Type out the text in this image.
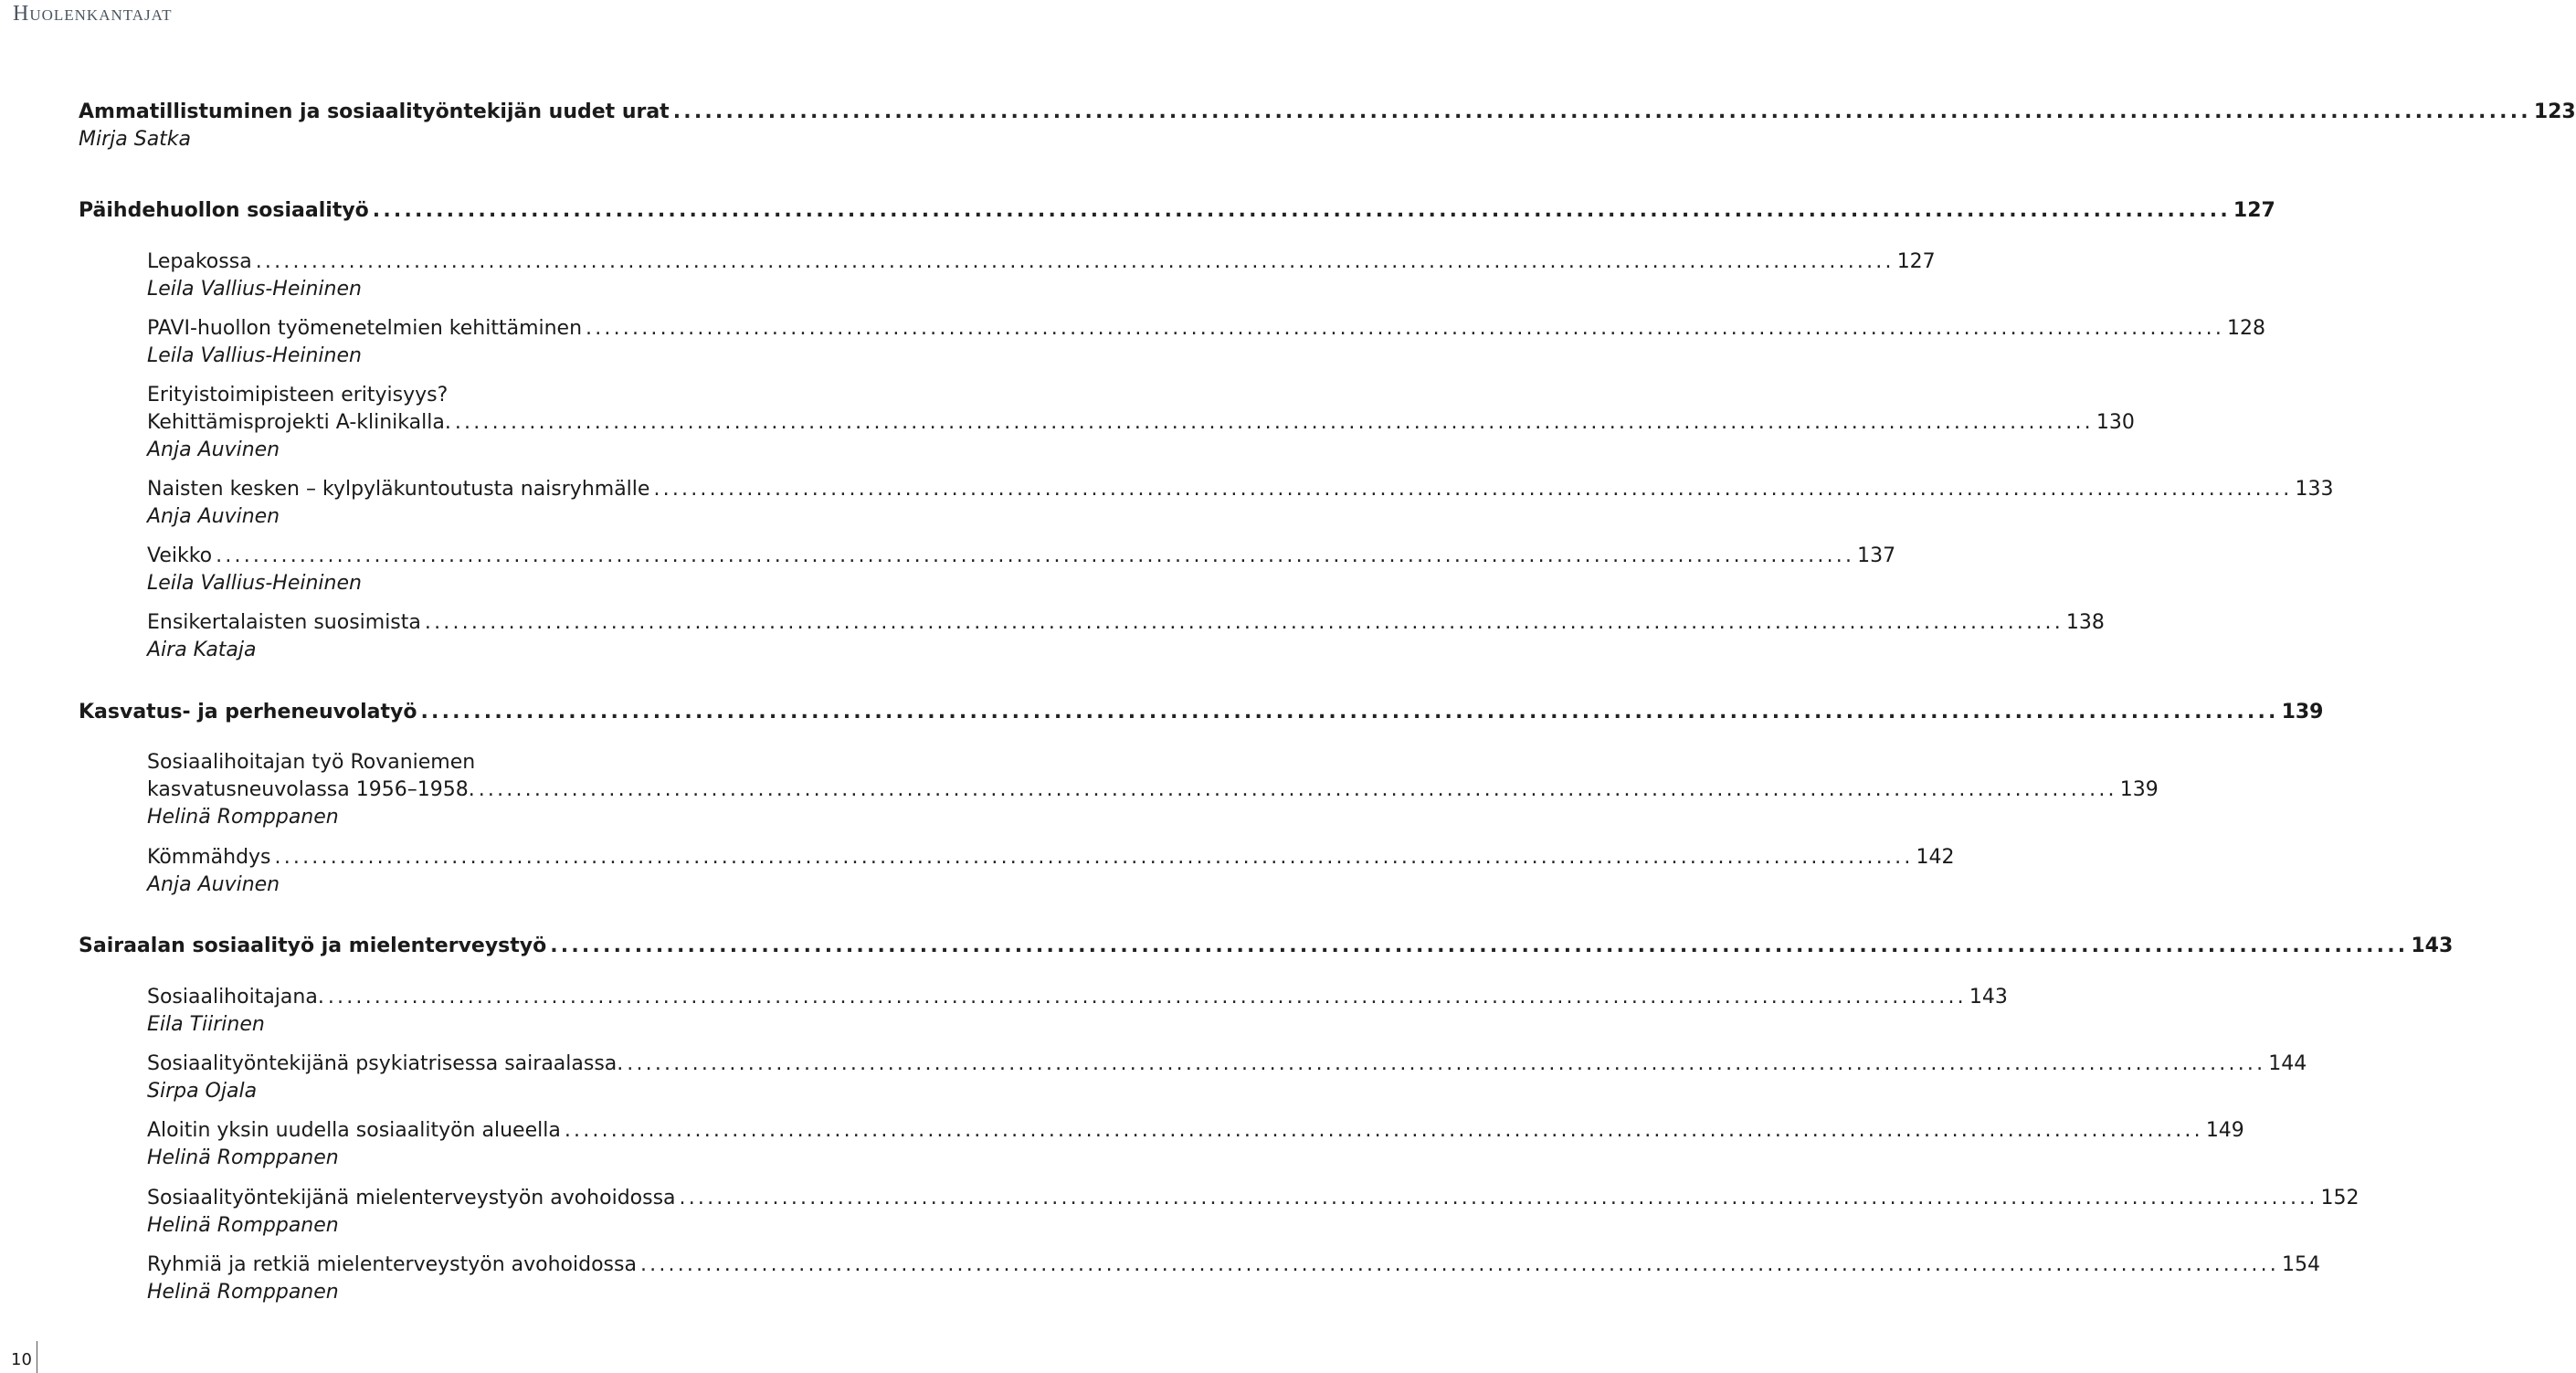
Huolenkantajat
Ammatillistuminen ja sosiaalityöntekijän uudet urat ................................................................................................................................................................................ 123
Mirja Satka
Päihdehuollon sosiaalityö ................................................................................................................................................................................ 127
Lepakossa ................................................................................................................................................................................ 127
Leila Vallius-Heininen
PAVI-huollon työmenetelmien kehittäminen ................................................................................................................................................................................ 128
Leila Vallius-Heininen
Erityistoimipisteen erityisyys?
Kehittämisprojekti A-klinikalla. ................................................................................................................................................................................ 130
Anja Auvinen
Naisten kesken – kylpyläkuntoutusta naisryhmälle ................................................................................................................................................................................ 133
Anja Auvinen
Veikko ................................................................................................................................................................................ 137
Leila Vallius-Heininen
Ensikertalaisten suosimista ................................................................................................................................................................................ 138
Aira Kataja
Kasvatus- ja perheneuvolatyö ................................................................................................................................................................................ 139
Sosiaalihoitajan työ Rovaniemen
kasvatusneuvolassa 1956–1958. ................................................................................................................................................................................ 139
Helinä Romppanen
Kömmähdys ................................................................................................................................................................................ 142
Anja Auvinen
Sairaalan sosiaalityö ja mielenterveystyö ................................................................................................................................................................................ 143
Sosiaalihoitajana. ................................................................................................................................................................................ 143
Eila Tiirinen
Sosiaalityöntekijänä psykiatrisessa sairaalassa. ................................................................................................................................................................................ 144
Sirpa Ojala
Aloitin yksin uudella sosiaalityön alueella ................................................................................................................................................................................ 149
Helinä Romppanen
Sosiaalityöntekijänä mielenterveystyön avohoidossa ................................................................................................................................................................................ 152
Helinä Romppanen
Ryhmiä ja retkiä mielenterveystyön avohoidossa ................................................................................................................................................................................ 154
Helinä Romppanen
10
